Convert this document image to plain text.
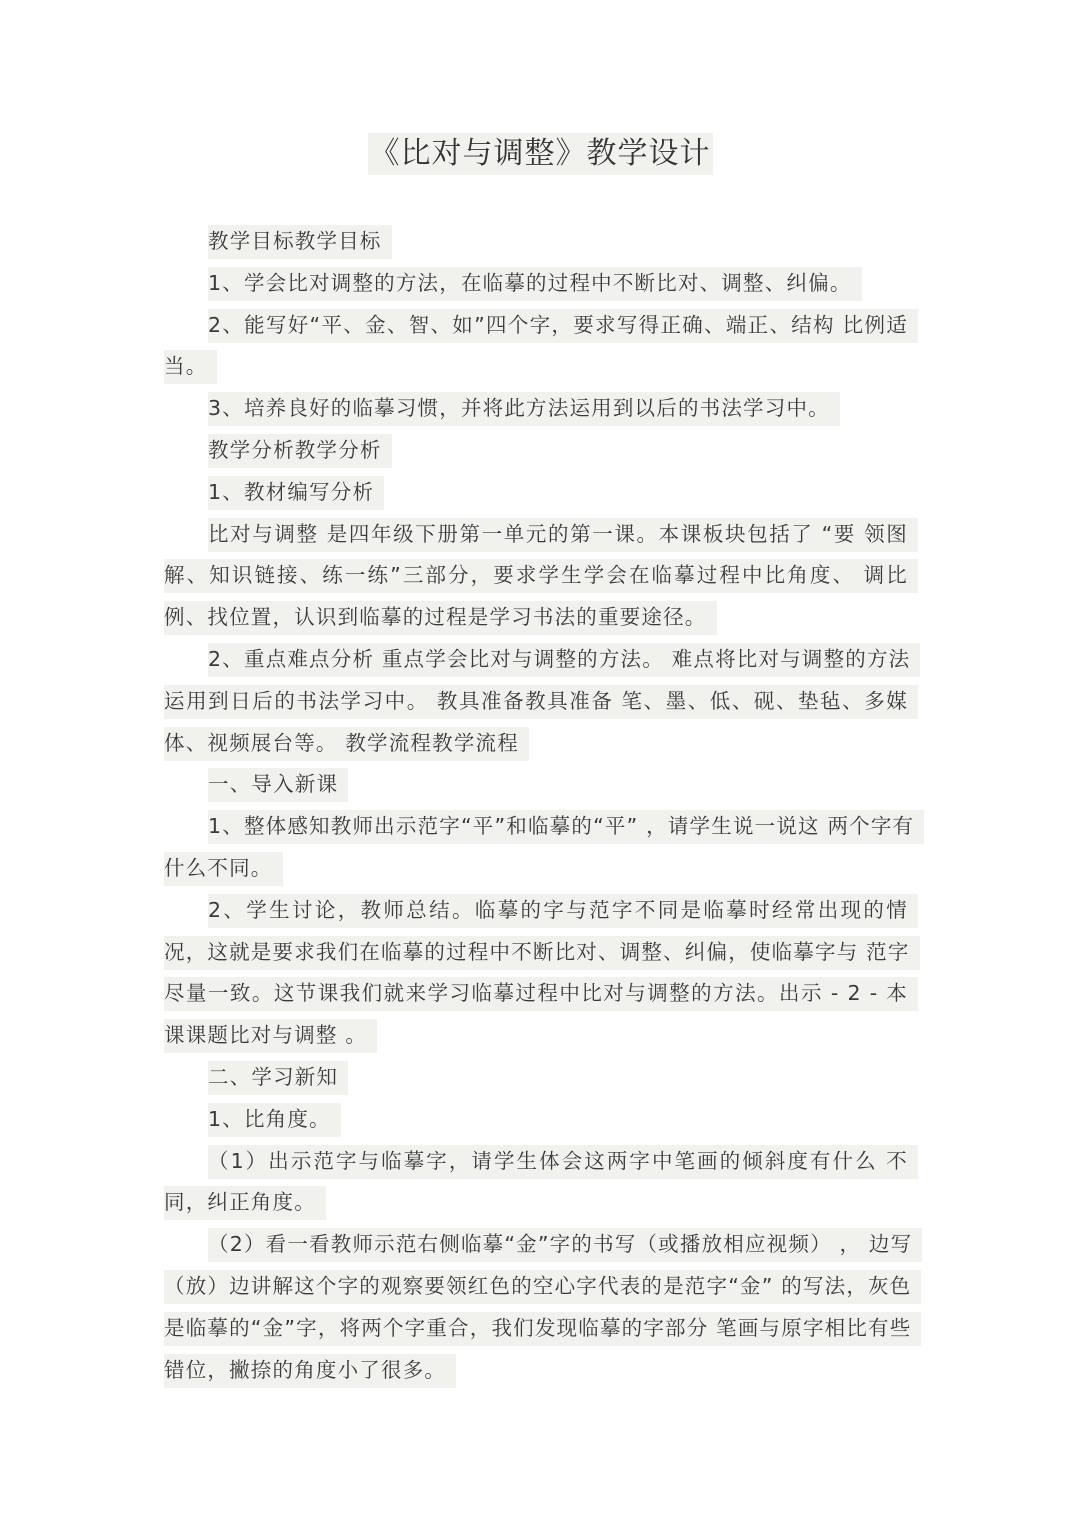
《比对与调整》教学设计

教学目标教学目标

1、学会比对调整的方法，在临摹的过程中不断比对、调整、纠偏。

2、能写好“平、金、智、如”四个字，要求写得正确、端正、结构 比例适当。

3、培养良好的临摹习惯，并将此方法运用到以后的书法学习中。

教学分析教学分析

1、教材编写分析

比对与调整 是四年级下册第一单元的第一课。本课板块包括了 “要 领图解、知识链接、练一练”三部分，要求学生学会在临摹过程中比角度、 调比例、找位置，认识到临摹的过程是学习书法的重要途径。

2、重点难点分析 重点学会比对与调整的方法。 难点将比对与调整的方法运用到日后的书法学习中。 教具准备教具准备 笔、墨、低、砚、垫毡、多媒体、视频展台等。 教学流程教学流程

一、导入新课

1、整体感知教师出示范字“平”和临摹的“平” ，请学生说一说这 两个字有什么不同。

2、学生讨论，教师总结。临摹的字与范字不同是临摹时经常出现的情 况，这就是要求我们在临摹的过程中不断比对、调整、纠偏，使临摹字与 范字尽量一致。这节课我们就来学习临摹过程中比对与调整的方法。出示 - 2 - 本课课题比对与调整 。

二、学习新知

1、比角度。

（1）出示范字与临摹字，请学生体会这两字中笔画的倾斜度有什么 不同，纠正角度。

（2）看一看教师示范右侧临摹“金”字的书写（或播放相应视频） ， 边写（放）边讲解这个字的观察要领红色的空心字代表的是范字“金” 的写法，灰色是临摹的“金”字，将两个字重合，我们发现临摹的字部分 笔画与原字相比有些错位，撇捺的角度小了很多。
